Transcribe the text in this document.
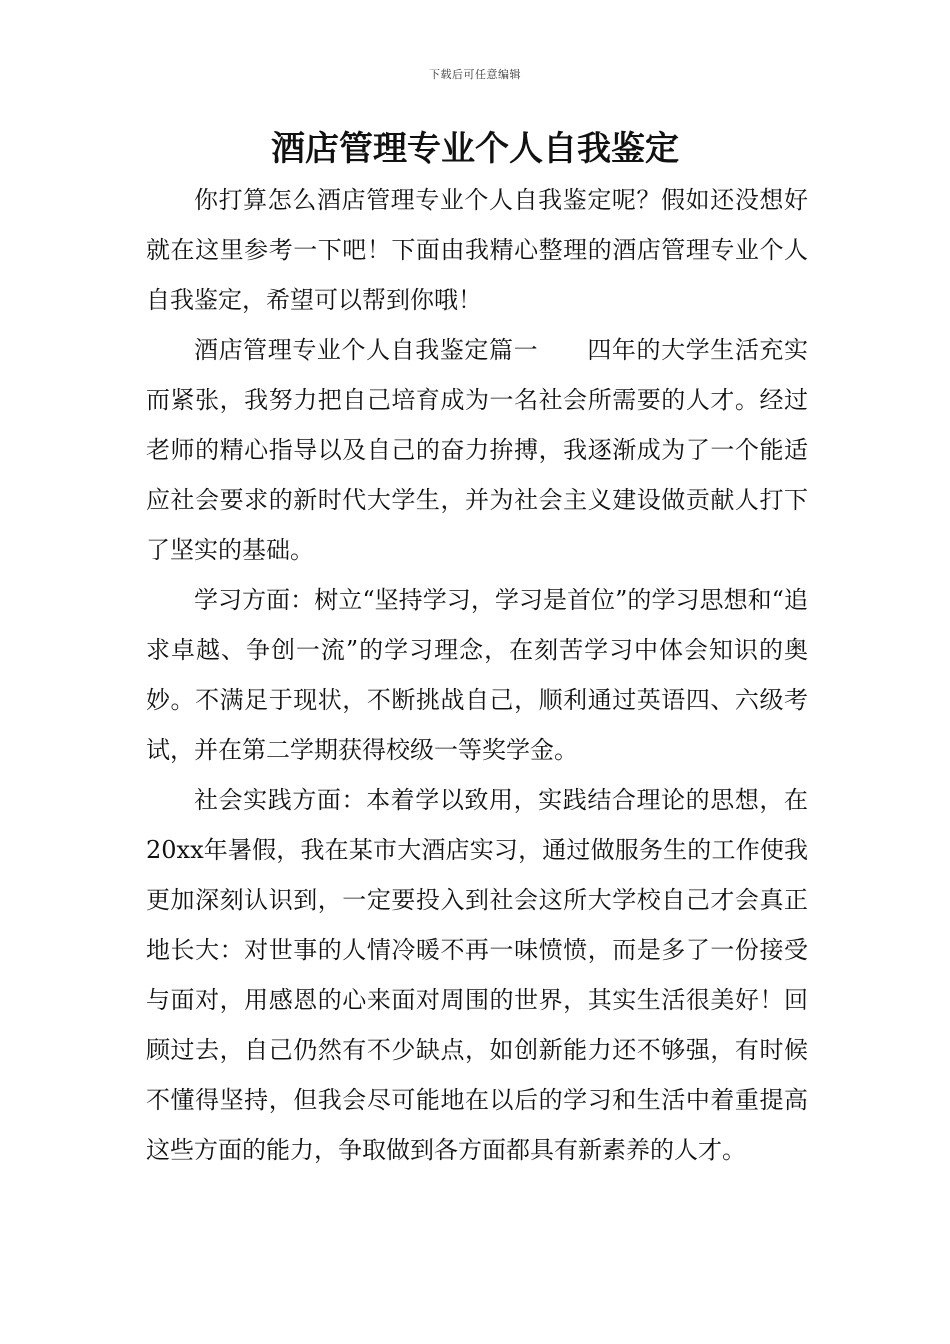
下载后可任意编辑
酒店管理专业个人自我鉴定

你打算怎么酒店管理专业个人自我鉴定呢？假如还没想好就在这里参考一下吧！下面由我精心整理的酒店管理专业个人自我鉴定，希望可以帮到你哦！

酒店管理专业个人自我鉴定篇一　　四年的大学生活充实而紧张，我努力把自己培育成为一名社会所需要的人才。经过老师的精心指导以及自己的奋力拚搏，我逐渐成为了一个能适应社会要求的新时代大学生，并为社会主义建设做贡献人打下了坚实的基础。

学习方面：树立“坚持学习，学习是首位”的学习思想和“追求卓越、争创一流”的学习理念，在刻苦学习中体会知识的奥妙。不满足于现状，不断挑战自己，顺利通过英语四、六级考试，并在第二学期获得校级一等奖学金。

社会实践方面：本着学以致用，实践结合理论的思想，在20xx年暑假，我在某市大酒店实习，通过做服务生的工作使我更加深刻认识到，一定要投入到社会这所大学校自己才会真正地长大：对世事的人情冷暖不再一味愤愤，而是多了一份接受与面对，用感恩的心来面对周围的世界，其实生活很美好！回顾过去，自己仍然有不少缺点，如创新能力还不够强，有时候不懂得坚持，但我会尽可能地在以后的学习和生活中着重提高这些方面的能力，争取做到各方面都具有新素养的人才。
